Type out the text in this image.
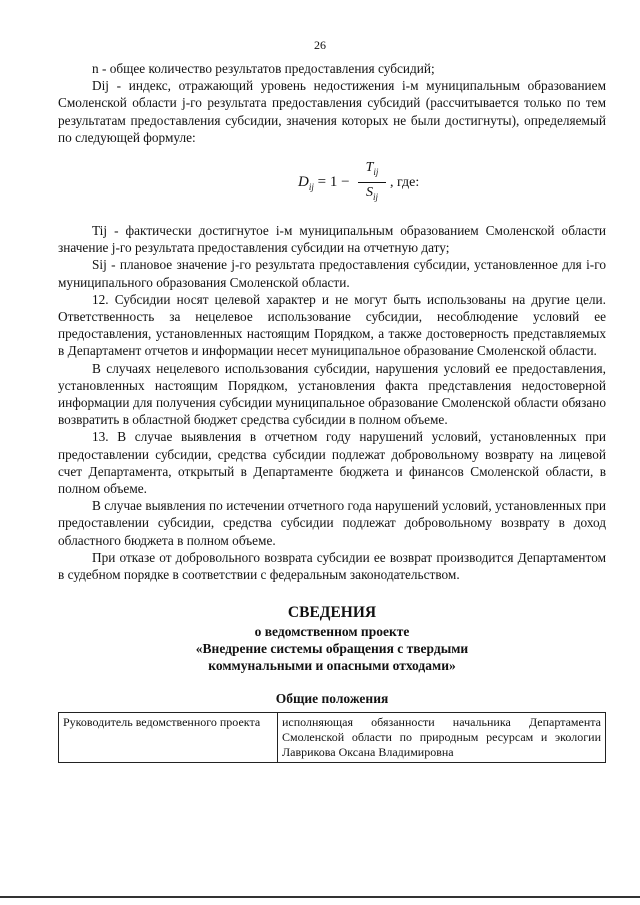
26

n - общее количество результатов предоставления субсидий;

Dij - индекс, отражающий уровень недостижения i-м муниципальным образованием Смоленской области j-го результата предоставления субсидий (рассчитывается только по тем результатам предоставления субсидии, значения которых не были достигнуты), определяемый по следующей формуле:

$D_{ij} = 1$ −
$T_{ij}$
$S_{ij}$
, где:

Tij - фактически достигнутое i-м муниципальным образованием Смоленской области значение j-го результата предоставления субсидии на отчетную дату;

Sij - плановое значение j-го результата предоставления субсидии, установленное для i-го муниципального образования Смоленской области.

12. Субсидии носят целевой характер и не могут быть использованы на другие цели. Ответственность за нецелевое использование субсидии, несоблюдение условий ее предоставления, установленных настоящим Порядком, а также достоверность представляемых в Департамент отчетов и информации несет муниципальное образование Смоленской области.

В случаях нецелевого использования субсидии, нарушения условий ее предоставления, установленных настоящим Порядком, установления факта представления недостоверной информации для получения субсидии муниципальное образование Смоленской области обязано возвратить в областной бюджет средства субсидии в полном объеме.

13. В случае выявления в отчетном году нарушений условий, установленных при предоставлении субсидии, средства субсидии подлежат добровольному возврату на лицевой счет Департамента, открытый в Департаменте бюджета и финансов Смоленской области, в полном объеме.

В случае выявления по истечении отчетного года нарушений условий, установленных при предоставлении субсидии, средства субсидии подлежат добровольному возврату в доход областного бюджета в полном объеме.

При отказе от добровольного возврата субсидии ее возврат производится Департаментом в судебном порядке в соответствии с федеральным законодательством.

СВЕДЕНИЯ
о ведомственном проекте
«Внедрение системы обращения с твердыми
коммунальными и опасными отходами»
Общие положения
Руководитель ведомственного проекта	исполняющая обязанности начальника Департамента Смоленской области по природным ресурсам и экологии Лаврикова Оксана Владимировна
